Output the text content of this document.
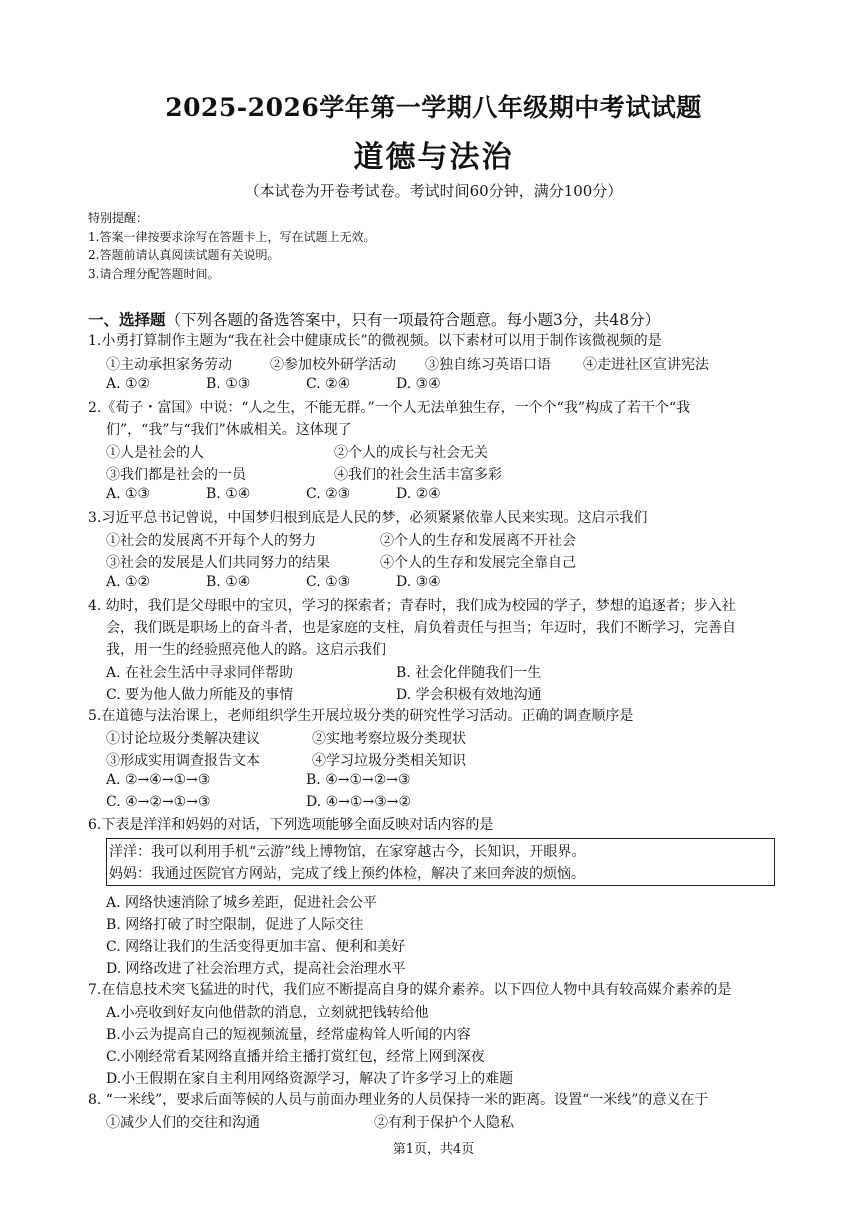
2025-2026学年第一学期八年级期中考试试题
道德与法治
（本试卷为开卷考试卷。考试时间60分钟，满分100分）
特别提醒：
1.答案一律按要求涂写在答题卡上，写在试题上无效。
2.答题前请认真阅读试题有关说明。
3.请合理分配答题时间。
一、选择题（下列各题的备选答案中，只有一项最符合题意。每小题3分，共48分）
1.小勇打算制作主题为“我在社会中健康成长”的微视频。以下素材可以用于制作该微视频的是
①主动承担家务劳动	②参加校外研学活动 ③独自练习英语口语 ④走进社区宣讲宪法
A. ①②	B. ①③	C. ②④	D. ③④
2.《荀子・富国》中说：“人之生，不能无群。”一个人无法单独生存，一个个“我”构成了若干个“我
们”，“我”与“我们”休戚相关。这体现了
①人是社会的人	②个人的成长与社会无关
③我们都是社会的一员	④我们的社会生活丰富多彩
A. ①③	B. ①④	C. ②③	D. ②④
3.习近平总书记曾说，中国梦归根到底是人民的梦，必须紧紧依靠人民来实现。这启示我们
①社会的发展离不开每个人的努力	②个人的生存和发展离不开社会
③社会的发展是人们共同努力的结果	④个人的生存和发展完全靠自己
A. ①②	B. ①④	C. ①③	D. ③④
4. 幼时，我们是父母眼中的宝贝，学习的探索者；青春时，我们成为校园的学子，梦想的追逐者；步入社
会，我们既是职场上的奋斗者，也是家庭的支柱，肩负着责任与担当；年迈时，我们不断学习，完善自
我，用一生的经验照亮他人的路。这启示我们
A. 在社会生活中寻求同伴帮助	B. 社会化伴随我们一生
C. 要为他人做力所能及的事情	D. 学会积极有效地沟通
5.在道德与法治课上，老师组织学生开展垃圾分类的研究性学习活动。正确的调查顺序是
①讨论垃圾分类解决建议	②实地考察垃圾分类现状
③形成实用调查报告文本	④学习垃圾分类相关知识
A. ②→④→①→③	B. ④→①→②→③
C. ④→②→①→③	D. ④→①→③→②
6.下表是洋洋和妈妈的对话，下列选项能够全面反映对话内容的是
洋洋：我可以利用手机“云游”线上博物馆，在家穿越古今，长知识，开眼界。
妈妈：我通过医院官方网站，完成了线上预约体检，解决了来回奔波的烦恼。
A. 网络快速消除了城乡差距，促进社会公平
B. 网络打破了时空限制，促进了人际交往
C. 网络让我们的生活变得更加丰富、便利和美好
D. 网络改进了社会治理方式，提高社会治理水平
7.在信息技术突飞猛进的时代，我们应不断提高自身的媒介素养。以下四位人物中具有较高媒介素养的是
A.小亮收到好友向他借款的消息，立刻就把钱转给他
B.小云为提高自己的短视频流量，经常虚构耸人听闻的内容
C.小刚经常看某网络直播并给主播打赏红包，经常上网到深夜
D.小王假期在家自主利用网络资源学习，解决了许多学习上的难题
8. “一米线”，要求后面等候的人员与前面办理业务的人员保持一米的距离。设置“一米线”的意义在于
①减少人们的交往和沟通	②有利于保护个人隐私
第1页，共4页
